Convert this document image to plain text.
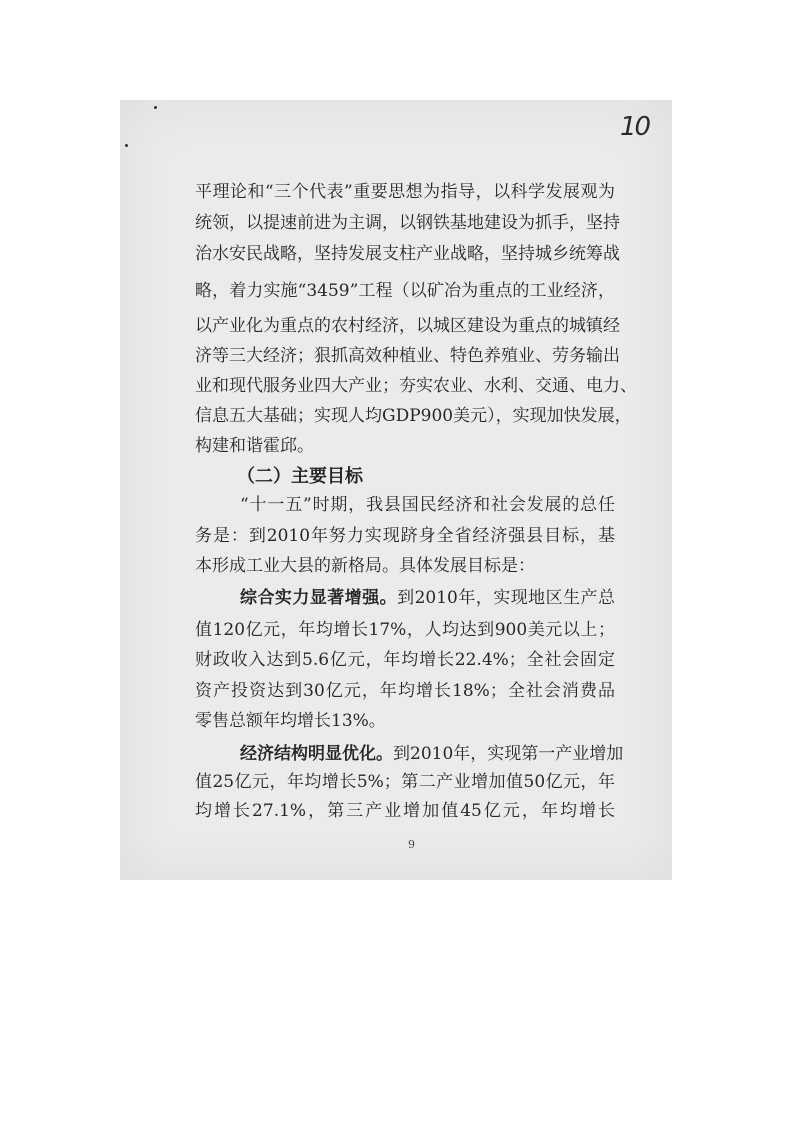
10
平理论和“三个代表”重要思想为指导，以科学发展观为
统领，以提速前进为主调，以钢铁基地建设为抓手，坚持
治水安民战略，坚持发展支柱产业战略，坚持城乡统筹战
略，着力实施“3459”工程（以矿冶为重点的工业经济，
以产业化为重点的农村经济，以城区建设为重点的城镇经
济等三大经济；狠抓高效种植业、特色养殖业、劳务输出
业和现代服务业四大产业；夯实农业、水利、交通、电力、
信息五大基础；实现人均GDP900美元），实现加快发展，
构建和谐霍邱。
（二）主要目标
“十一五”时期，我县国民经济和社会发展的总任
务是：到2010年努力实现跻身全省经济强县目标，基
本形成工业大县的新格局。具体发展目标是：
综合实力显著增强。到2010年，实现地区生产总
值120亿元，年均增长17%，人均达到900美元以上；
财政收入达到5.6亿元，年均增长22.4%；全社会固定
资产投资达到30亿元，年均增长18%；全社会消费品
零售总额年均增长13%。
经济结构明显优化。到2010年，实现第一产业增加
值25亿元，年均增长5%；第二产业增加值50亿元，年
均增长27.1%，第三产业增加值45亿元，年均增长
9
